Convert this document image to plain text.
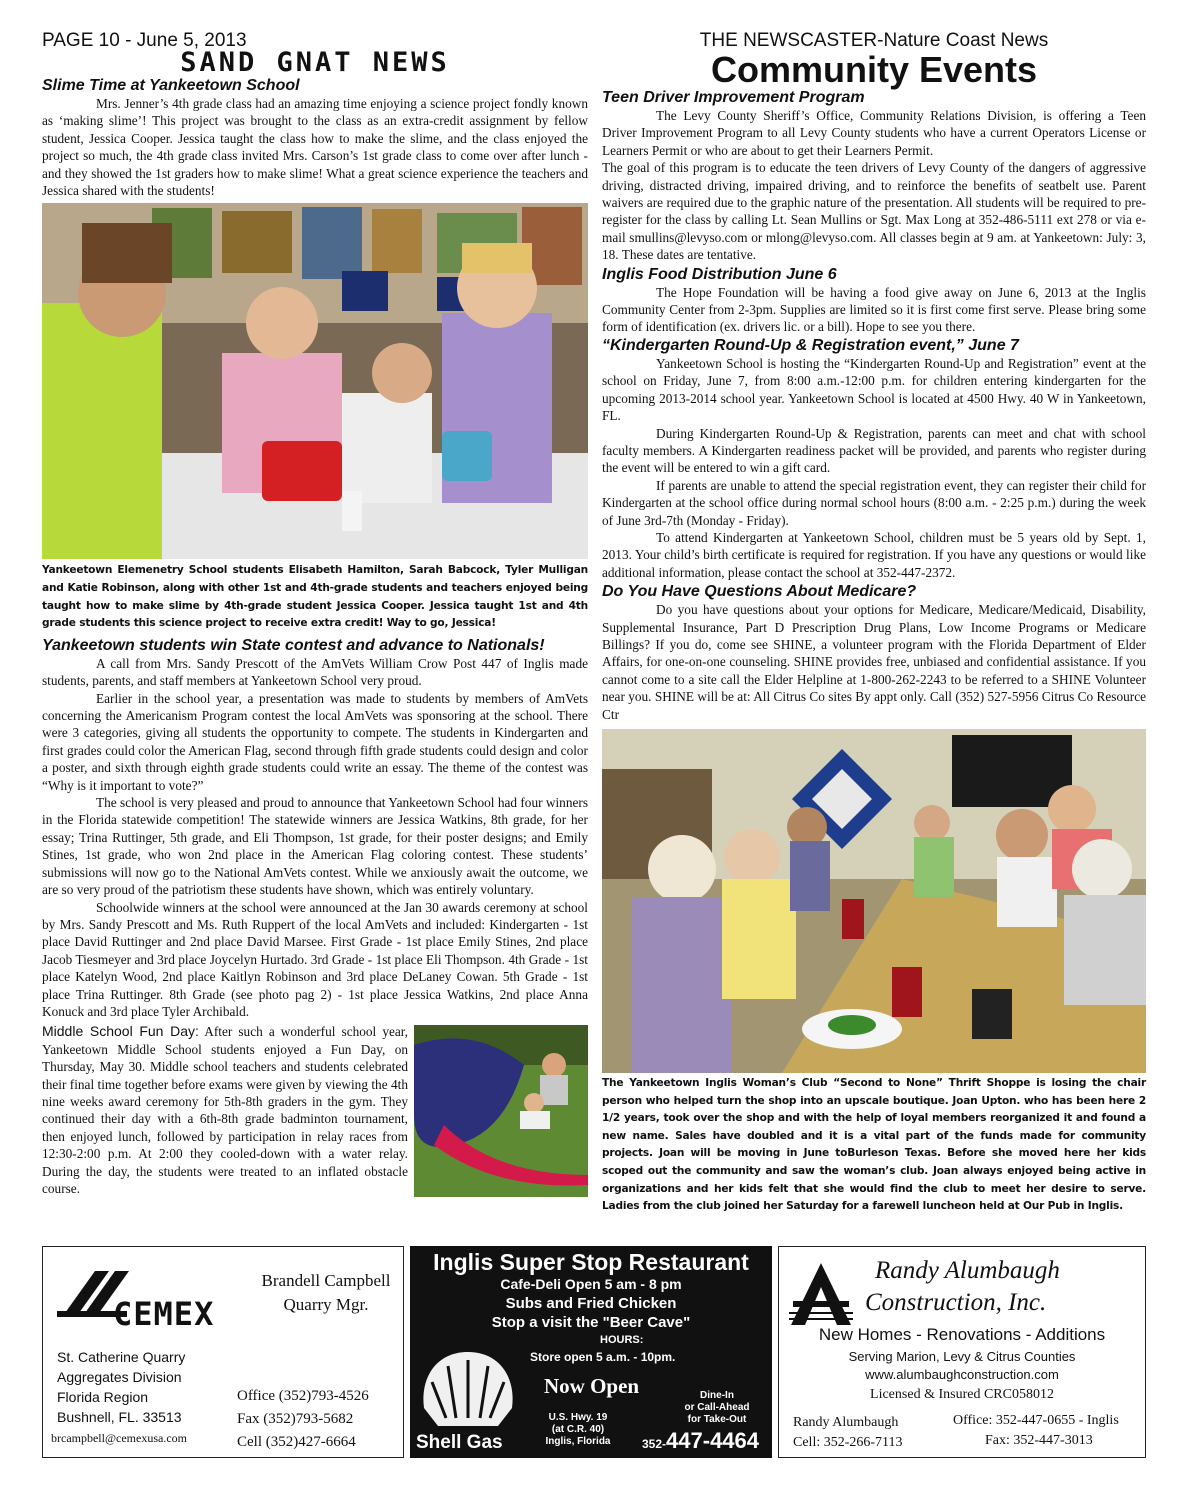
PAGE 10 - June 5, 2013
SAND GNAT NEWS
Slime Time at Yankeetown School

Mrs. Jenner’s 4th grade class had an amazing time enjoying a science project fondly known as ‘making slime’! This project was brought to the class as an extra-credit assignment by fellow student, Jessica Cooper. Jessica taught the class how to make the slime, and the class enjoyed the project so much, the 4th grade class invited Mrs. Carson’s 1st grade class to come over after lunch - and they showed the 1st graders how to make slime! What a great science experience the teachers and Jessica shared with the students!

Yankeetown Elemenetry School students Elisabeth Hamilton, Sarah Babcock, Tyler Mulligan and Katie Robinson, along with other 1st and 4th-grade students and teachers enjoyed being taught how to make slime by 4th-grade student Jessica Cooper. Jessica taught 1st and 4th grade students this science project to receive extra credit! Way to go, Jessica!
Yankeetown students win State contest and advance to Nationals!

A call from Mrs. Sandy Prescott of the AmVets William Crow Post 447 of Inglis made students, parents, and staff members at Yankeetown School very proud.

Earlier in the school year, a presentation was made to students by members of AmVets concerning the Americanism Program contest the local AmVets was sponsoring at the school. There were 3 categories, giving all students the opportunity to compete. The students in Kindergarten and first grades could color the American Flag, second through fifth grade students could design and color a poster, and sixth through eighth grade students could write an essay. The theme of the contest was “Why is it important to vote?”

The school is very pleased and proud to announce that Yankeetown School had four winners in the Florida statewide competition! The statewide winners are Jessica Watkins, 8th grade, for her essay; Trina Ruttinger, 5th grade, and Eli Thompson, 1st grade, for their poster designs; and Emily Stines, 1st grade, who won 2nd place in the American Flag coloring contest. These students’ submissions will now go to the National AmVets contest. While we anxiously await the outcome, we are so very proud of the patriotism these students have shown, which was entirely voluntary.

Schoolwide winners at the school were announced at the Jan 30 awards ceremony at school by Mrs. Sandy Prescott and Ms. Ruth Ruppert of the local AmVets and included: Kindergarten - 1st place David Ruttinger and 2nd place David Marsee. First Grade - 1st place Emily Stines, 2nd place Jacob Tiesmeyer and 3rd place Joycelyn Hurtado. 3rd Grade - 1st place Eli Thompson. 4th Grade - 1st place Katelyn Wood, 2nd place Kaitlyn Robinson and 3rd place DeLaney Cowan. 5th Grade - 1st place Trina Ruttinger. 8th Grade (see photo pag 2) - 1st place Jessica Watkins, 2nd place Anna Konuck and 3rd place Tyler Archibald.

Middle School Fun Day: After such a wonderful school year, Yankeetown Middle School students enjoyed a Fun Day, on Thursday, May 30. Middle school teachers and students celebrated their final time together before exams were given by viewing the 4th nine weeks award ceremony for 5th-8th graders in the gym. They continued their day with a 6th-8th grade badminton tournament, then enjoyed lunch, followed by participation in relay races from 12:30-2:00 p.m. At 2:00 they cooled-down with a water relay. During the day, the students were treated to an inflated obstacle course.

THE NEWSCASTER-Nature Coast News
Community Events
Teen Driver Improvement Program

The Levy County Sheriff’s Office, Community Relations Division, is offering a Teen Driver Improvement Program to all Levy County students who have a current Operators License or Learners Permit or who are about to get their Learners Permit.

The goal of this program is to educate the teen drivers of Levy County of the dangers of aggressive driving, distracted driving, impaired driving, and to reinforce the benefits of seatbelt use. Parent waivers are required due to the graphic nature of the presentation. All students will be required to pre-register for the class by calling Lt. Sean Mullins or Sgt. Max Long at 352-486-5111 ext 278 or via e-mail smullins@levyso.com or mlong@levyso.com. All classes begin at 9 am. at Yankeetown: July: 3, 18. These dates are tentative.

Inglis Food Distribution June 6

The Hope Foundation will be having a food give away on June 6, 2013 at the Inglis Community Center from 2-3pm. Supplies are limited so it is first come first serve. Please bring some form of identification (ex. drivers lic. or a bill). Hope to see you there.

“Kindergarten Round-Up & Registration event,” June 7

Yankeetown School is hosting the “Kindergarten Round-Up and Registration” event at the school on Friday, June 7, from 8:00 a.m.-12:00 p.m. for children entering kindergarten for the upcoming 2013-2014 school year. Yankeetown School is located at 4500 Hwy. 40 W in Yankeetown, FL.

During Kindergarten Round-Up & Registration, parents can meet and chat with school faculty members. A Kindergarten readiness packet will be provided, and parents who register during the event will be entered to win a gift card.

If parents are unable to attend the special registration event, they can register their child for Kindergarten at the school office during normal school hours (8:00 a.m. - 2:25 p.m.) during the week of June 3rd-7th (Monday - Friday).

To attend Kindergarten at Yankeetown School, children must be 5 years old by Sept. 1, 2013. Your child’s birth certificate is required for registration. If you have any questions or would like additional information, please contact the school at 352-447-2372.

Do You Have Questions About Medicare?

Do you have questions about your options for Medicare, Medicare/Medicaid, Disability, Supplemental Insurance, Part D Prescription Drug Plans, Low Income Programs or Medicare Billings? If you do, come see SHINE, a volunteer program with the Florida Department of Elder Affairs, for one-on-one counseling. SHINE provides free, unbiased and confidential assistance. If you cannot come to a site call the Elder Helpline at 1-800-262-2243 to be referred to a SHINE Volunteer near you. SHINE will be at: All Citrus Co sites By appt only. Call (352) 527-5956 Citrus Co Resource Ctr

The Yankeetown Inglis Woman’s Club “Second to None” Thrift Shoppe is losing the chair person who helped turn the shop into an upscale boutique. Joan Upton. who has been here 2 1/2 years, took over the shop and with the help of loyal members reorganized it and found a new name. Sales have doubled and it is a vital part of the funds made for community projects. Joan will be moving in June toBurleson Texas. Before she moved here her kids scoped out the community and saw the woman’s club. Joan always enjoyed being active in organizations and her kids felt that she would find the club to meet her desire to serve. Ladies from the club joined her Saturday for a farewell luncheon held at Our Pub in Inglis.
CEMEX
Brandell Campbell
Quarry Mgr.
St. Catherine Quarry
Aggregates Division
Florida Region
Bushnell, FL. 33513
brcampbell@cemexusa.com
Office (352)793-4526
Fax (352)793-5682
Cell (352)427-6664
Inglis Super Stop Restaurant
Cafe-Deli Open 5 am - 8 pm
Subs and Fried Chicken
Stop a visit the "Beer Cave"
HOURS:
Store open 5 a.m. - 10pm.
Shell Gas
Now Open
U.S. Hwy. 19
(at C.R. 40)
Inglis, Florida
Dine-In
or Call-Ahead
for Take-Out
352-447-4464
Randy Alumbaugh
Construction, Inc.
New Homes - Renovations - Additions
Serving Marion, Levy & Citrus Counties
www.alumbaughconstruction.com
Licensed & Insured CRC058012
Randy Alumbaugh
Cell: 352-266-7113
Office: 352-447-0655 - Inglis
Fax: 352-447-3013
